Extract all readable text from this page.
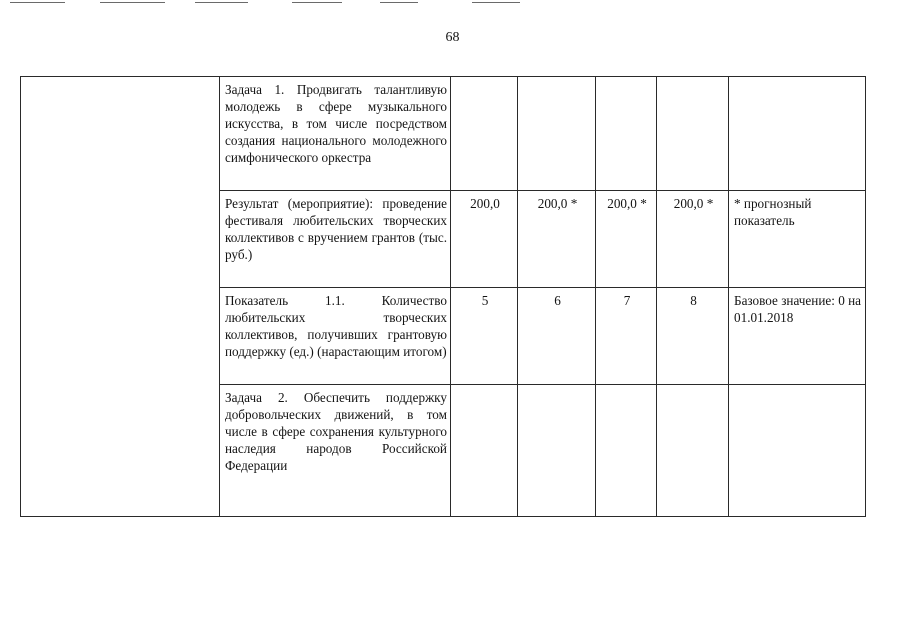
68
	Задача 1. Продвигать талантливую молодежь в сфере музыкального искусства, в том числе посредством создания национального молодежного симфонического оркестра					
	Результат (мероприятие): проведение фестиваля любительских творческих коллективов с вручением грантов (тыс. руб.)	200,0	200,0 *	200,0 *	200,0 *	* прогнозный показатель
	Показатель 1.1. Количество любительских творческих коллективов, получивших грантовую поддержку (ед.) (нарастающим итогом)	5	6	7	8	Базовое значение: 0 на 01.01.2018
	Задача 2. Обеспечить поддержку добровольческих движений, в том числе в сфере сохранения культурного наследия народов Российской Федерации					
